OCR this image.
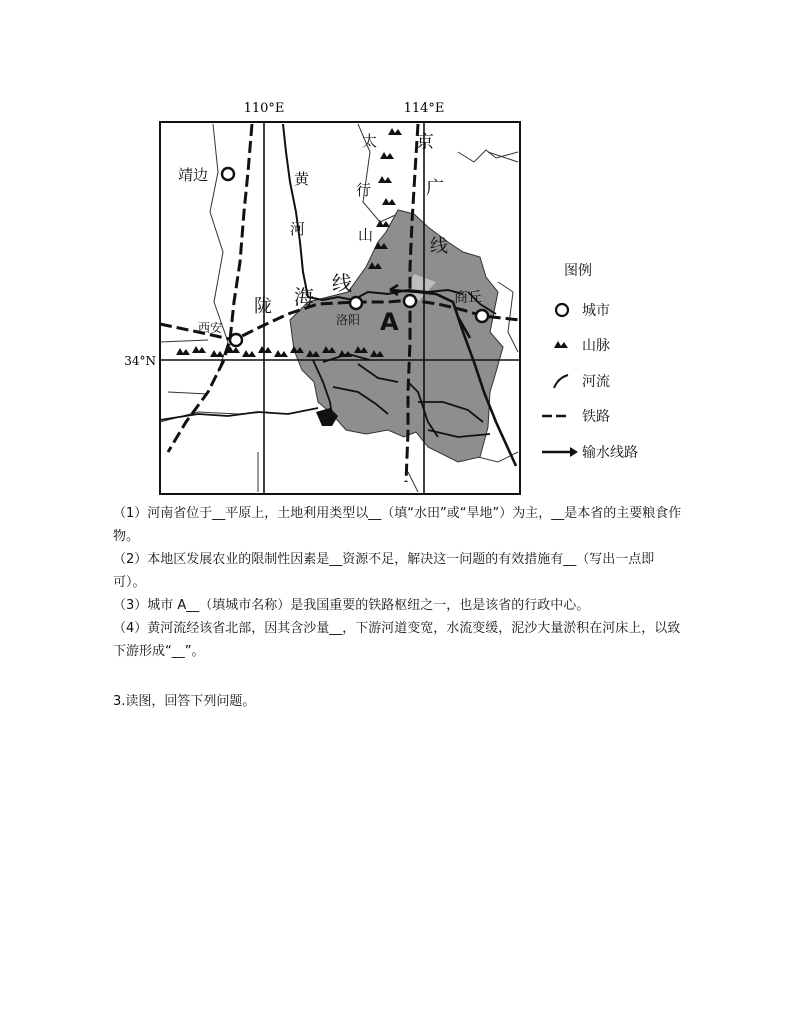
110°E	114°E
34°N
靖边
西安
洛阳
商丘
A
太
行
山
黄
河
京
广
线
陇 海
线	图例
城市
山脉
河流
铁路
输水线路

（1）河南省位于__平原上，土地利用类型以__（填“水田”或“旱地”）为主，__是本省的主要粮食作物。

（2）本地区发展农业的限制性因素是__资源不足，解决这一问题的有效措施有__（写出一点即可）。

（3）城市 A__（填城市名称）是我国重要的铁路枢纽之一，也是该省的行政中心。

（4）黄河流经该省北部，因其含沙量__，下游河道变宽，水流变缓，泥沙大量淤积在河床上，以致下游形成“__”。

3.读图，回答下列问题。
